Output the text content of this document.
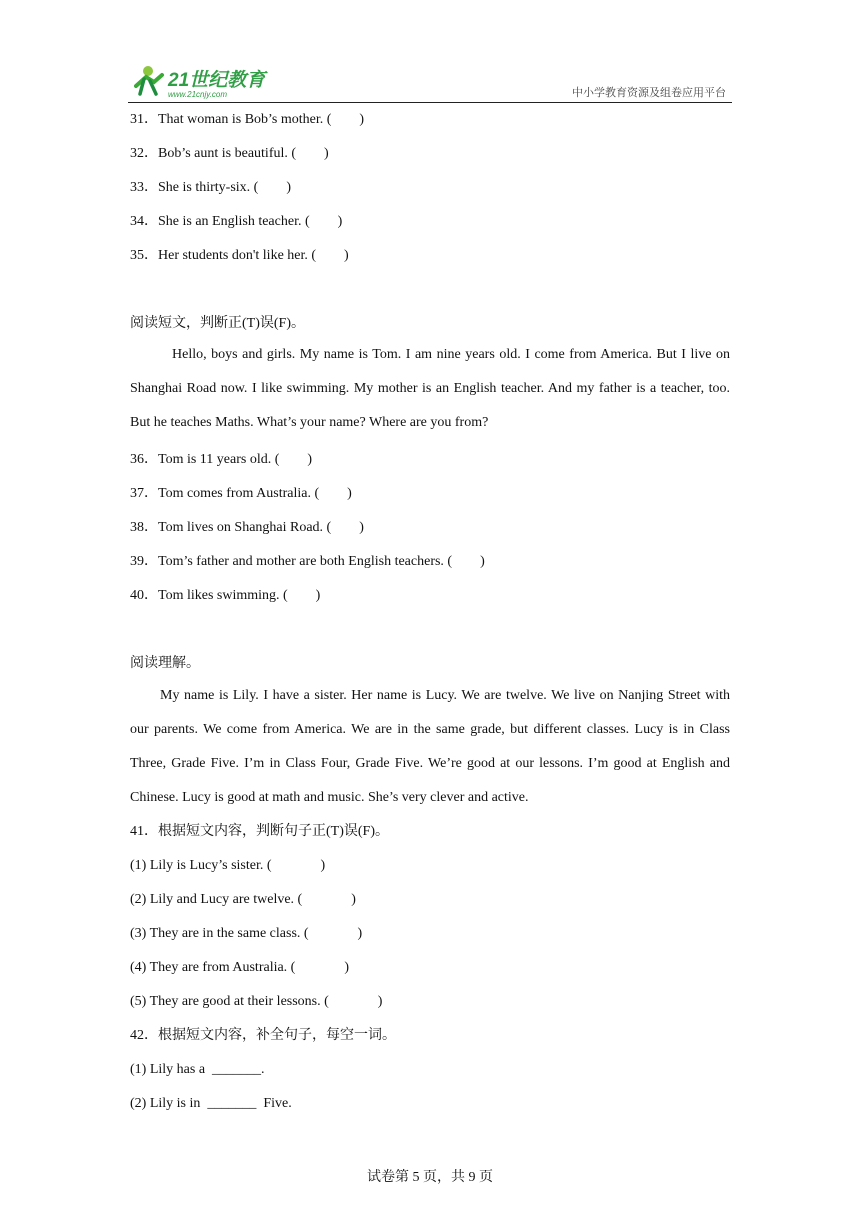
21世纪教育
www.21cnjy.com	中小学教育资源及组卷应用平台
31．That woman is Bob’s mother. (        )
32．Bob’s aunt is beautiful. (        )
33．She is thirty-six. (        )
34．She is an English teacher. (        )
35．Her students don't like her. (        )
阅读短文，判断正(T)误(F)。
Hello, boys and girls. My name is Tom. I am nine years old. I come from America. But I live on Shanghai Road now. I like swimming. My mother is an English teacher. And my father is a teacher, too. But he teaches Maths. What’s your name? Where are you from?
36．Tom is 11 years old. (        )
37．Tom comes from Australia. (        )
38．Tom lives on Shanghai Road. (        )
39．Tom’s father and mother are both English teachers. (        )
40．Tom likes swimming. (        )
阅读理解。
My name is Lily. I have a sister. Her name is Lucy. We are twelve. We live on Nanjing Street with our parents. We come from America. We are in the same grade, but different classes. Lucy is in Class Three, Grade Five. I’m in Class Four, Grade Five. We’re good at our lessons. I’m good at English and Chinese. Lucy is good at math and music. She’s very clever and active.
41．根据短文内容，判断句子正(T)误(F)。
(1) Lily is Lucy’s sister. (              )
(2) Lily and Lucy are twelve. (              )
(3) They are in the same class. (              )
(4) They are from Australia. (              )
(5) They are good at their lessons. (              )
42．根据短文内容，补全句子，每空一词。
(1) Lily has a  _______.
(2) Lily is in  _______  Five.
试卷第 5 页，共 9 页
